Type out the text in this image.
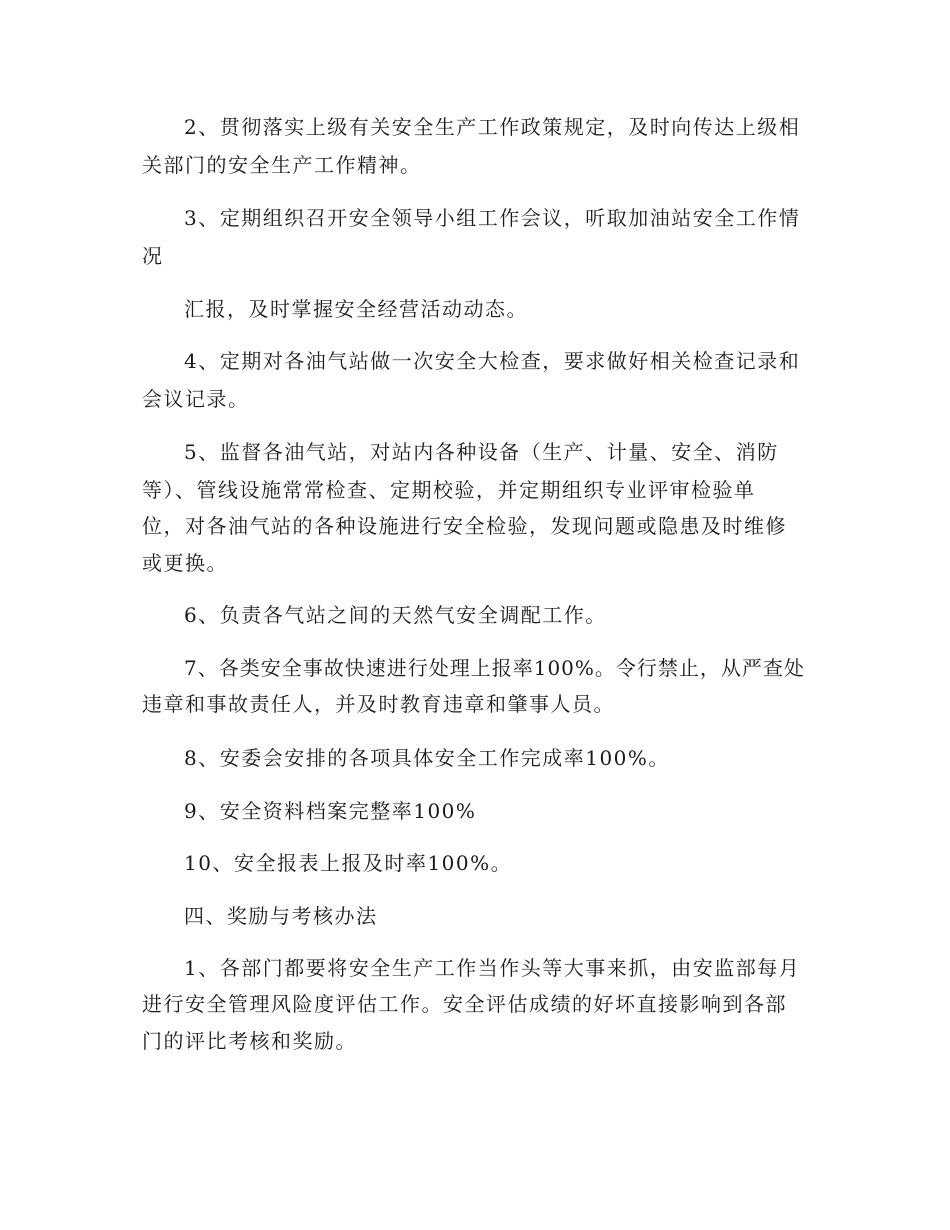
2、贯彻落实上级有关安全生产工作政策规定，及时向传达上级相
关部门的安全生产工作精神。
3、定期组织召开安全领导小组工作会议，听取加油站安全工作情
况
汇报，及时掌握安全经营活动动态。
4、定期对各油气站做一次安全大检查，要求做好相关检查记录和
会议记录。
5、监督各油气站，对站内各种设备（生产、计量、安全、消防
等）、管线设施常常检查、定期校验，并定期组织专业评审检验单
位，对各油气站的各种设施进行安全检验，发现问题或隐患及时维修
或更换。
6、负责各气站之间的天然气安全调配工作。
7、各类安全事故快速进行处理上报率100%。令行禁止，从严查处
违章和事故责任人，并及时教育违章和肇事人员。
8、安委会安排的各项具体安全工作完成率100%。
9、安全资料档案完整率100%
10、安全报表上报及时率100%。
四、奖励与考核办法
1、各部门都要将安全生产工作当作头等大事来抓，由安监部每月
进行安全管理风险度评估工作。安全评估成绩的好坏直接影响到各部
门的评比考核和奖励。
